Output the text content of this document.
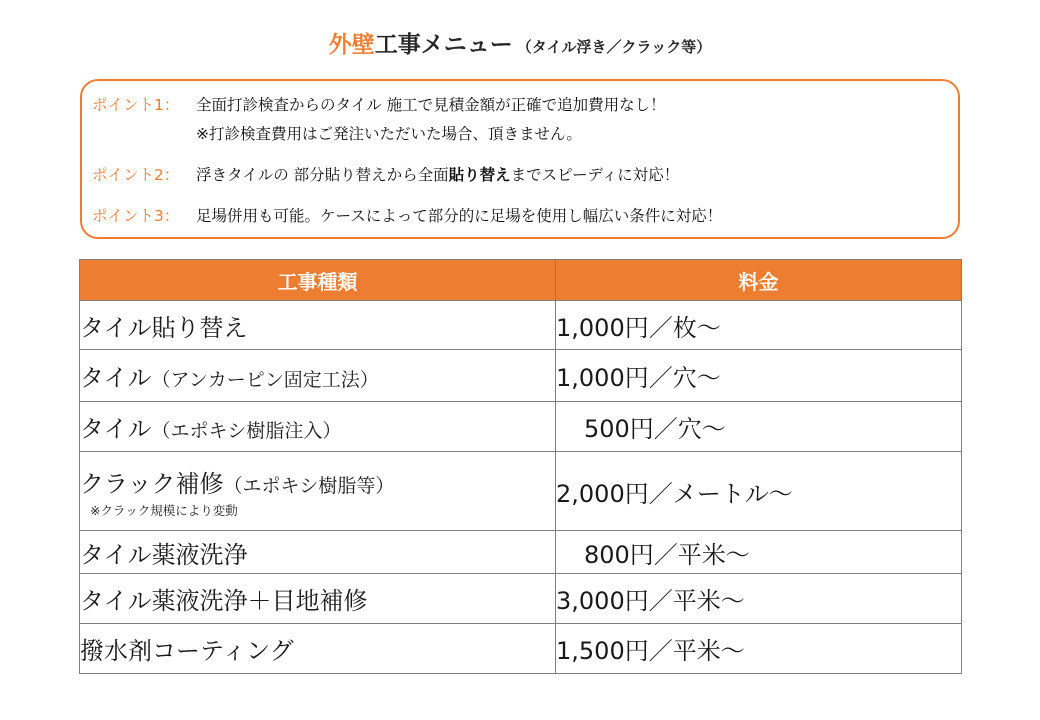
外壁工事メニュー （タイル浮き／クラック等）
ポイント1： 全面打診検査からのタイル 施工で見積金額が正確で追加費用なし！
※打診検査費用はご発注いただいた場合、頂きません。
ポイント2： 浮きタイルの 部分貼り替えから全面貼り替えまでスピーディに対応！
ポイント3： 足場併用も可能。ケースによって部分的に足場を使用し幅広い条件に対応！
工事種類	料金
タイル貼り替え	1,000円／枚～
タイル（アンカーピン固定工法）	1,000円／穴～
タイル（エポキシ樹脂注入）	500円／穴～
クラック補修（エポキシ樹脂等）
※クラック規模により変動	2,000円／メートル～
タイル薬液洗浄	800円／平米～
タイル薬液洗浄＋目地補修	3,000円／平米～
撥水剤コーティング	1,500円／平米～
